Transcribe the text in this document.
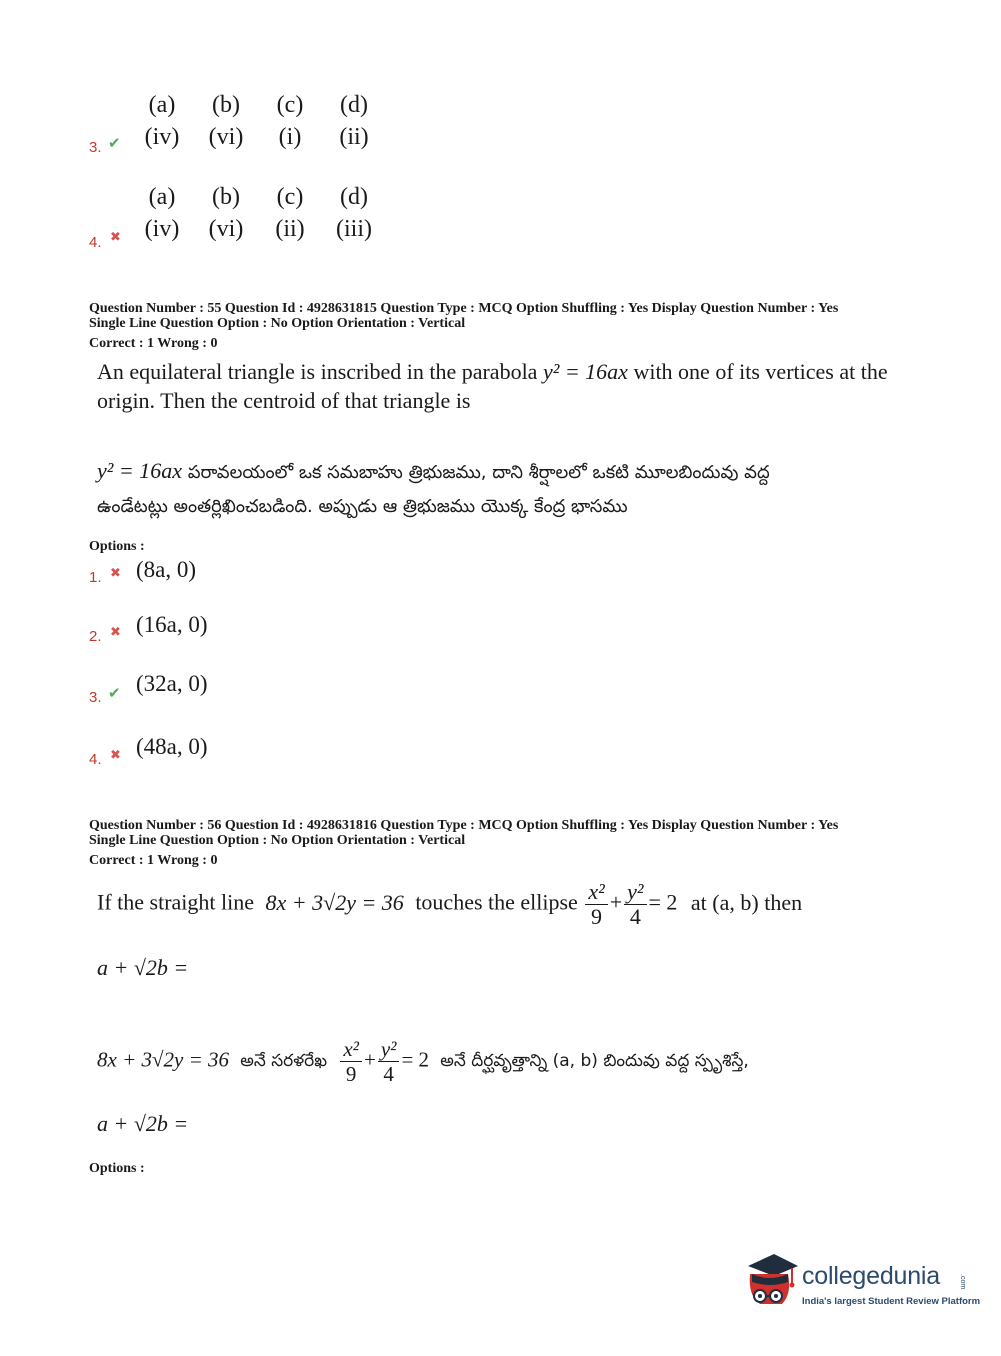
3. ✔
(a)	(b)	(c)	(d)
(iv)	(vi)	(i)	(ii)
4. ✖
(a)	(b)	(c)	(d)
(iv)	(vi)	(ii)	(iii)
Question Number : 55 Question Id : 4928631815 Question Type : MCQ Option Shuffling : Yes Display Question Number : Yes
Single Line Question Option : No Option Orientation : Vertical
Correct : 1 Wrong : 0
An equilateral triangle is inscribed in the parabola y² = 16ax with one of its vertices at the
origin. Then the centroid of that triangle is
y² = 16ax పరావలయంలో ఒక సమబాహు త్రిభుజము, దాని శీర్షాలలో ఒకటి మూలబిందువు వద్ద
ఉండేటట్లు అంతర్లిఖించబడింది. అప్పుడు ఆ త్రిభుజము యొక్క కేంద్ర భాసము
Options :
1. ✖ (8a, 0)
2. ✖ (16a, 0)
3. ✔ (32a, 0)
4. ✖ (48a, 0)
Question Number : 56 Question Id : 4928631816 Question Type : MCQ Option Shuffling : Yes Display Question Number : Yes
Single Line Question Option : No Option Orientation : Vertical
Correct : 1 Wrong : 0
If the straight line 8x + 3√2y = 36 touches the ellipse $\frac{\text{x²}}{9} + \frac{\text{y²}}{4} = 2$ at (a, b) then
a + √2b =
8x + 3√2y = 36 అనే సరళరేఖ $\frac{\text{x²}}{9} + \frac{\text{y²}}{4} = 2$ అనే దీర్ఘవృత్తాన్ని (a, b) బిందువు వద్ద స్పృశిస్తే,
a + √2b =
Options :
collegedunia	.com
India's largest Student Review Platform
